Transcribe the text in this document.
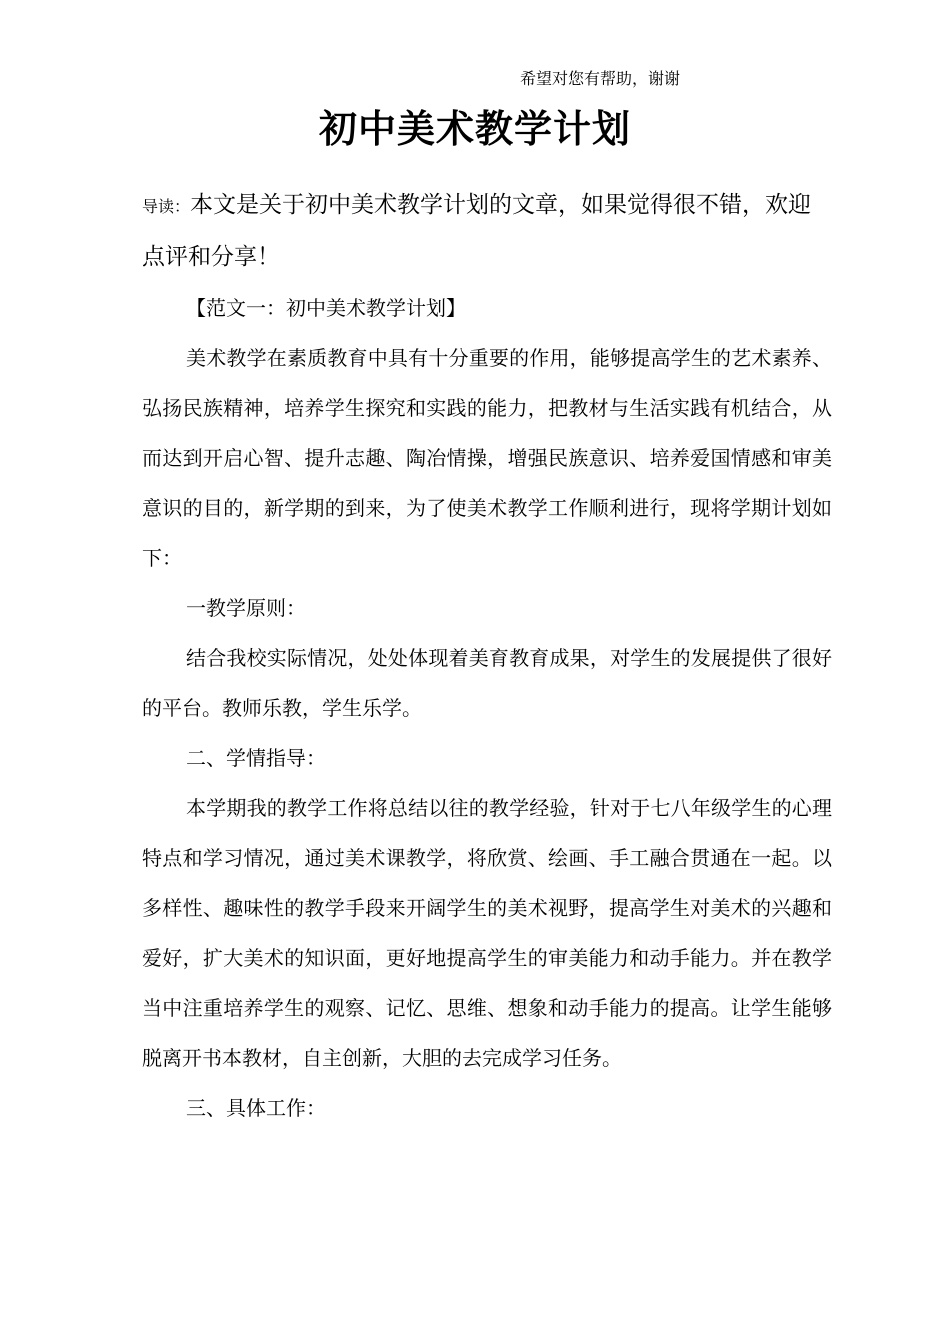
希望对您有帮助，谢谢
初中美术教学计划
导读：本文是关于初中美术教学计划的文章，如果觉得很不错，欢迎点评和分享！

【范文一：初中美术教学计划】

美术教学在素质教育中具有十分重要的作用，能够提高学生的艺术素养、弘扬民族精神，培养学生探究和实践的能力，把教材与生活实践有机结合，从而达到开启心智、提升志趣、陶冶情操，增强民族意识、培养爱国情感和审美意识的目的，新学期的到来，为了使美术教学工作顺利进行，现将学期计划如下：

一教学原则：

结合我校实际情况，处处体现着美育教育成果，对学生的发展提供了很好的平台。教师乐教，学生乐学。

二、学情指导：

本学期我的教学工作将总结以往的教学经验，针对于七八年级学生的心理特点和学习情况，通过美术课教学，将欣赏、绘画、手工融合贯通在一起。以多样性、趣味性的教学手段来开阔学生的美术视野，提高学生对美术的兴趣和爱好，扩大美术的知识面，更好地提高学生的审美能力和动手能力。并在教学当中注重培养学生的观察、记忆、思维、想象和动手能力的提高。让学生能够脱离开书本教材，自主创新，大胆的去完成学习任务。

三、具体工作：
